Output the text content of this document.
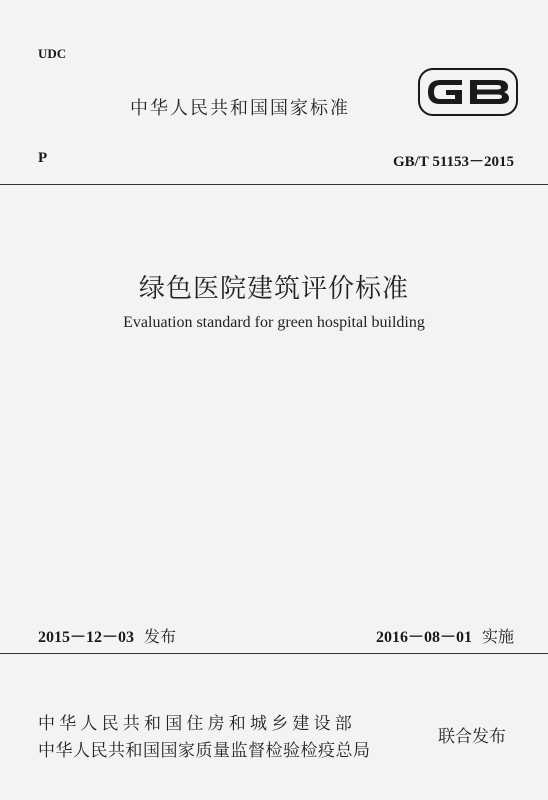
UDC
中华人民共和国国家标准
P	GB/T 51153－2015
绿色医院建筑评价标准
Evaluation standard for green hospital building
2015－12－03 发布	2016－08－01 实施
中华人民共和国住房和城乡建设部
中华人民共和国国家质量监督检验检疫总局
联合发布
